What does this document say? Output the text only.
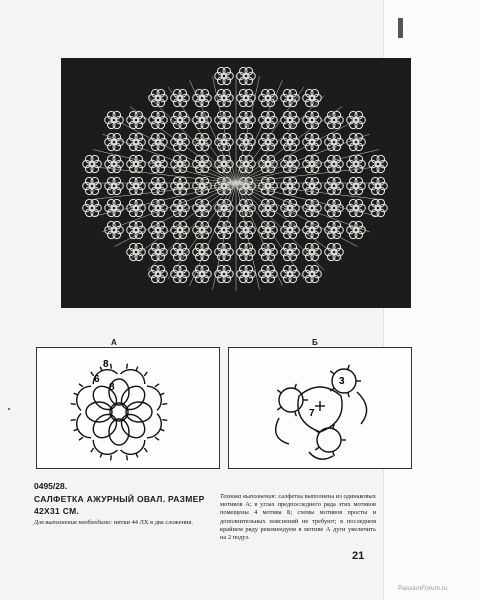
А
8
6
8
Б
3
7
0495/28.
САЛФЕТКА АЖУРНЫЙ ОВАЛ. РАЗМЕР 42Х31 СМ.
Для выполнения необходимо: нитки 44 ЛХ в два сложения.
Техника выполнения: салфетка выполнена из одинаковых мотивов А; в углах предпоследнего ряда этих мотивов помещены 4 мотива Б; схемы мотивов просты и дополнительных пояснений не требуют; в последнем крайнем ряду рекомендуем в мотиве А дуги увеличить на 2 подуз.
21
PassionForum.ru
